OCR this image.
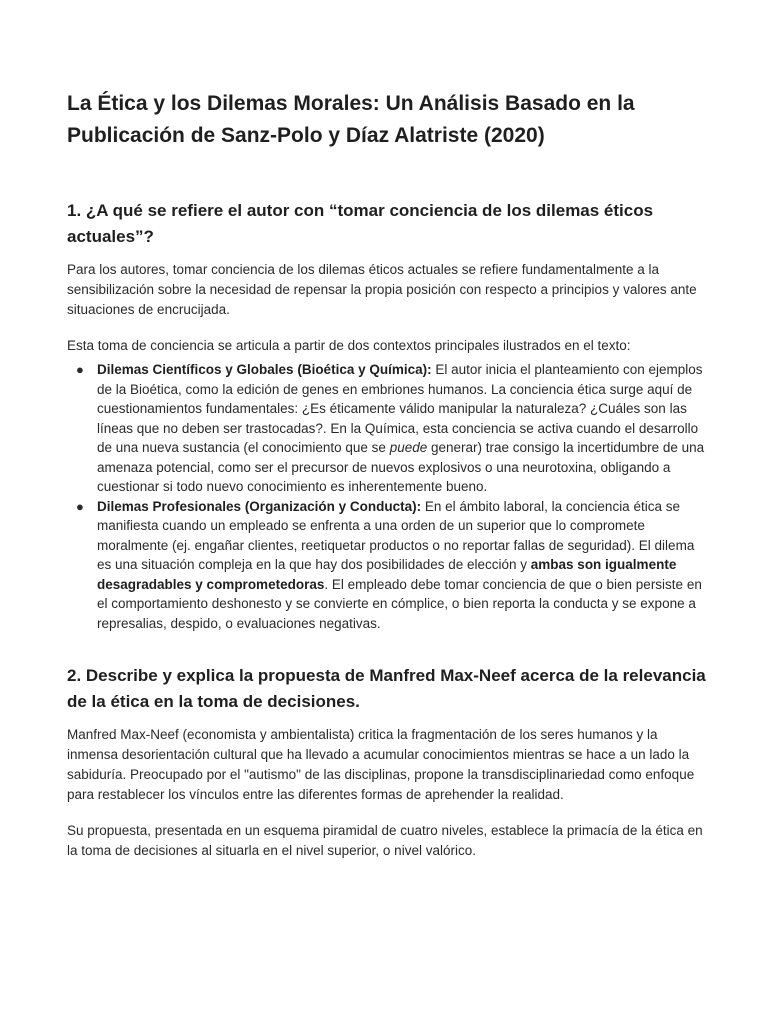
La Ética y los Dilemas Morales: Un Análisis Basado en la Publicación de Sanz-Polo y Díaz Alatriste (2020)
1. ¿A qué se refiere el autor con “tomar conciencia de los dilemas éticos actuales”?

Para los autores, tomar conciencia de los dilemas éticos actuales se refiere fundamentalmente a la sensibilización sobre la necesidad de repensar la propia posición con respecto a principios y valores ante situaciones de encrucijada.

Esta toma de conciencia se articula a partir de dos contextos principales ilustrados en el texto:

● Dilemas Científicos y Globales (Bioética y Química): El autor inicia el planteamiento con ejemplos de la Bioética, como la edición de genes en embriones humanos. La conciencia ética surge aquí de cuestionamientos fundamentales: ¿Es éticamente válido manipular la naturaleza? ¿Cuáles son las líneas que no deben ser trastocadas?. En la Química, esta conciencia se activa cuando el desarrollo de una nueva sustancia (el conocimiento que se puede generar) trae consigo la incertidumbre de una amenaza potencial, como ser el precursor de nuevos explosivos o una neurotoxina, obligando a cuestionar si todo nuevo conocimiento es inherentemente bueno.
● Dilemas Profesionales (Organización y Conducta): En el ámbito laboral, la conciencia ética se manifiesta cuando un empleado se enfrenta a una orden de un superior que lo compromete moralmente (ej. engañar clientes, reetiquetar productos o no reportar fallas de seguridad). El dilema es una situación compleja en la que hay dos posibilidades de elección y ambas son igualmente desagradables y comprometedoras. El empleado debe tomar conciencia de que o bien persiste en el comportamiento deshonesto y se convierte en cómplice, o bien reporta la conducta y se expone a represalias, despido, o evaluaciones negativas.
2. Describe y explica la propuesta de Manfred Max-Neef acerca de la relevancia de la ética en la toma de decisiones.

Manfred Max-Neef (economista y ambientalista) critica la fragmentación de los seres humanos y la inmensa desorientación cultural que ha llevado a acumular conocimientos mientras se hace a un lado la sabiduría. Preocupado por el "autismo" de las disciplinas, propone la transdisciplinariedad como enfoque para restablecer los vínculos entre las diferentes formas de aprehender la realidad.

Su propuesta, presentada en un esquema piramidal de cuatro niveles, establece la primacía de la ética en la toma de decisiones al situarla en el nivel superior, o nivel valórico.
